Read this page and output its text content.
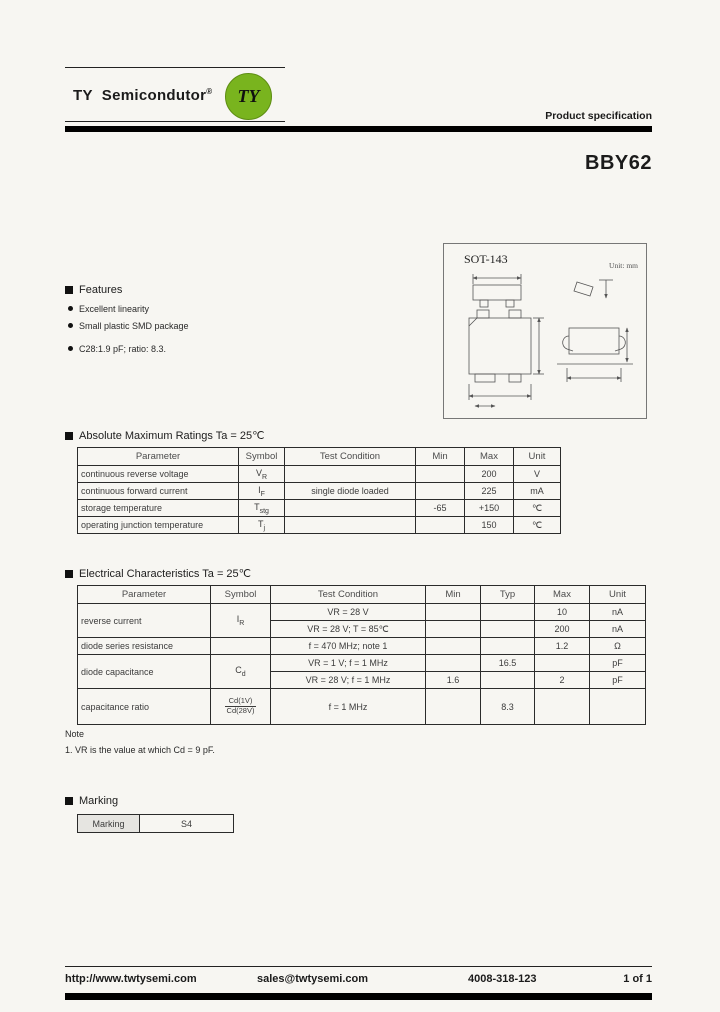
TY Semicondutor® TY
Product specification
BBY62
SOT-143	Unit: mm
Features
Excellent linearity
Small plastic SMD package
C28:1.9 pF; ratio: 8.3.
Absolute Maximum Ratings Ta = 25℃
Parameter	Symbol	Test Condition	Min	Max	Unit
continuous reverse voltage	$V_R$			200	V
continuous forward current	$I_F$	single diode loaded		225	mA
storage temperature	$T_{stg}$		-65	+150	℃
operating junction temperature	$T_j$			150	℃
Electrical Characteristics Ta = 25℃
Parameter	Symbol	Test Condition	Min	Typ	Max	Unit
reverse current	$I_R$	VR = 28 V			10	nA
		VR = 28 V; T = 85℃			200	nA
diode series resistance		f = 470 MHz; note 1			1.2	Ω
diode capacitance	$C_d$	VR = 1 V; f = 1 MHz		16.5		pF
		VR = 28 V; f = 1 MHz	1.6		2	pF
capacitance ratio	$\frac{Cd(1V)}{Cd(28V)}$	f = 1 MHz		8.3		
Note
1. VR is the value at which Cd = 9 pF.
Marking
Marking	S4
http://www.twtysemi.com	sales@twtysemi.com	4008-318-123	1 of 1
